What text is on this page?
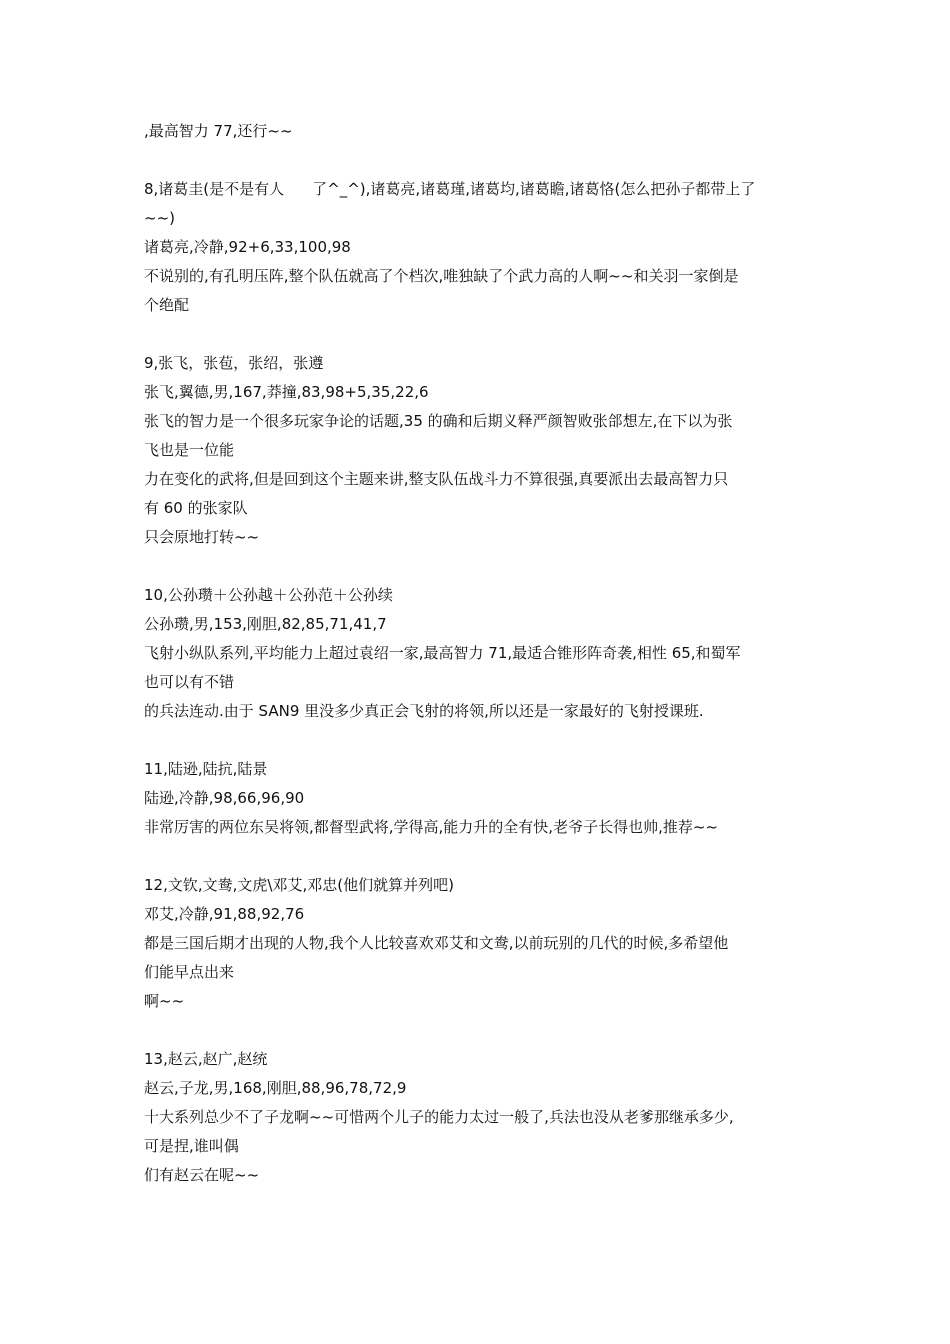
,最高智力 77,还行~~
8,诸葛圭(是不是有人 了^_^),诸葛亮,诸葛瑾,诸葛均,诸葛瞻,诸葛恪(怎么把孙子都带上了
~~)
诸葛亮,冷静,92+6,33,100,98
不说别的,有孔明压阵,整个队伍就高了个档次,唯独缺了个武力高的人啊~~和关羽一家倒是
个绝配
9,张飞，张苞，张绍，张遵
张飞,翼德,男,167,莽撞,83,98+5,35,22,6
张飞的智力是一个很多玩家争论的话题,35 的确和后期义释严颜智败张郃想左,在下以为张
飞也是一位能
力在变化的武将,但是回到这个主题来讲,整支队伍战斗力不算很强,真要派出去最高智力只
有 60 的张家队
只会原地打转~~
10,公孙瓒＋公孙越＋公孙范＋公孙续
公孙瓒,男,153,刚胆,82,85,71,41,7
飞射小纵队系列,平均能力上超过袁绍一家,最高智力 71,最适合锥形阵奇袭,相性 65,和蜀军
也可以有不错
的兵法连动.由于 SAN9 里没多少真正会飞射的将领,所以还是一家最好的飞射授课班.
11,陆逊,陆抗,陆景
陆逊,冷静,98,66,96,90
非常厉害的两位东吴将领,都督型武将,学得高,能力升的全有快,老爷子长得也帅,推荐~~
12,文钦,文鸯,文虎\邓艾,邓忠(他们就算并列吧)
邓艾,冷静,91,88,92,76
都是三国后期才出现的人物,我个人比较喜欢邓艾和文鸯,以前玩别的几代的时候,多希望他
们能早点出来
啊~~
13,赵云,赵广,赵统
赵云,子龙,男,168,刚胆,88,96,78,72,9
十大系列总少不了子龙啊~~可惜两个儿子的能力太过一般了,兵法也没从老爹那继承多少,
可是捏,谁叫偶
们有赵云在呢~~
